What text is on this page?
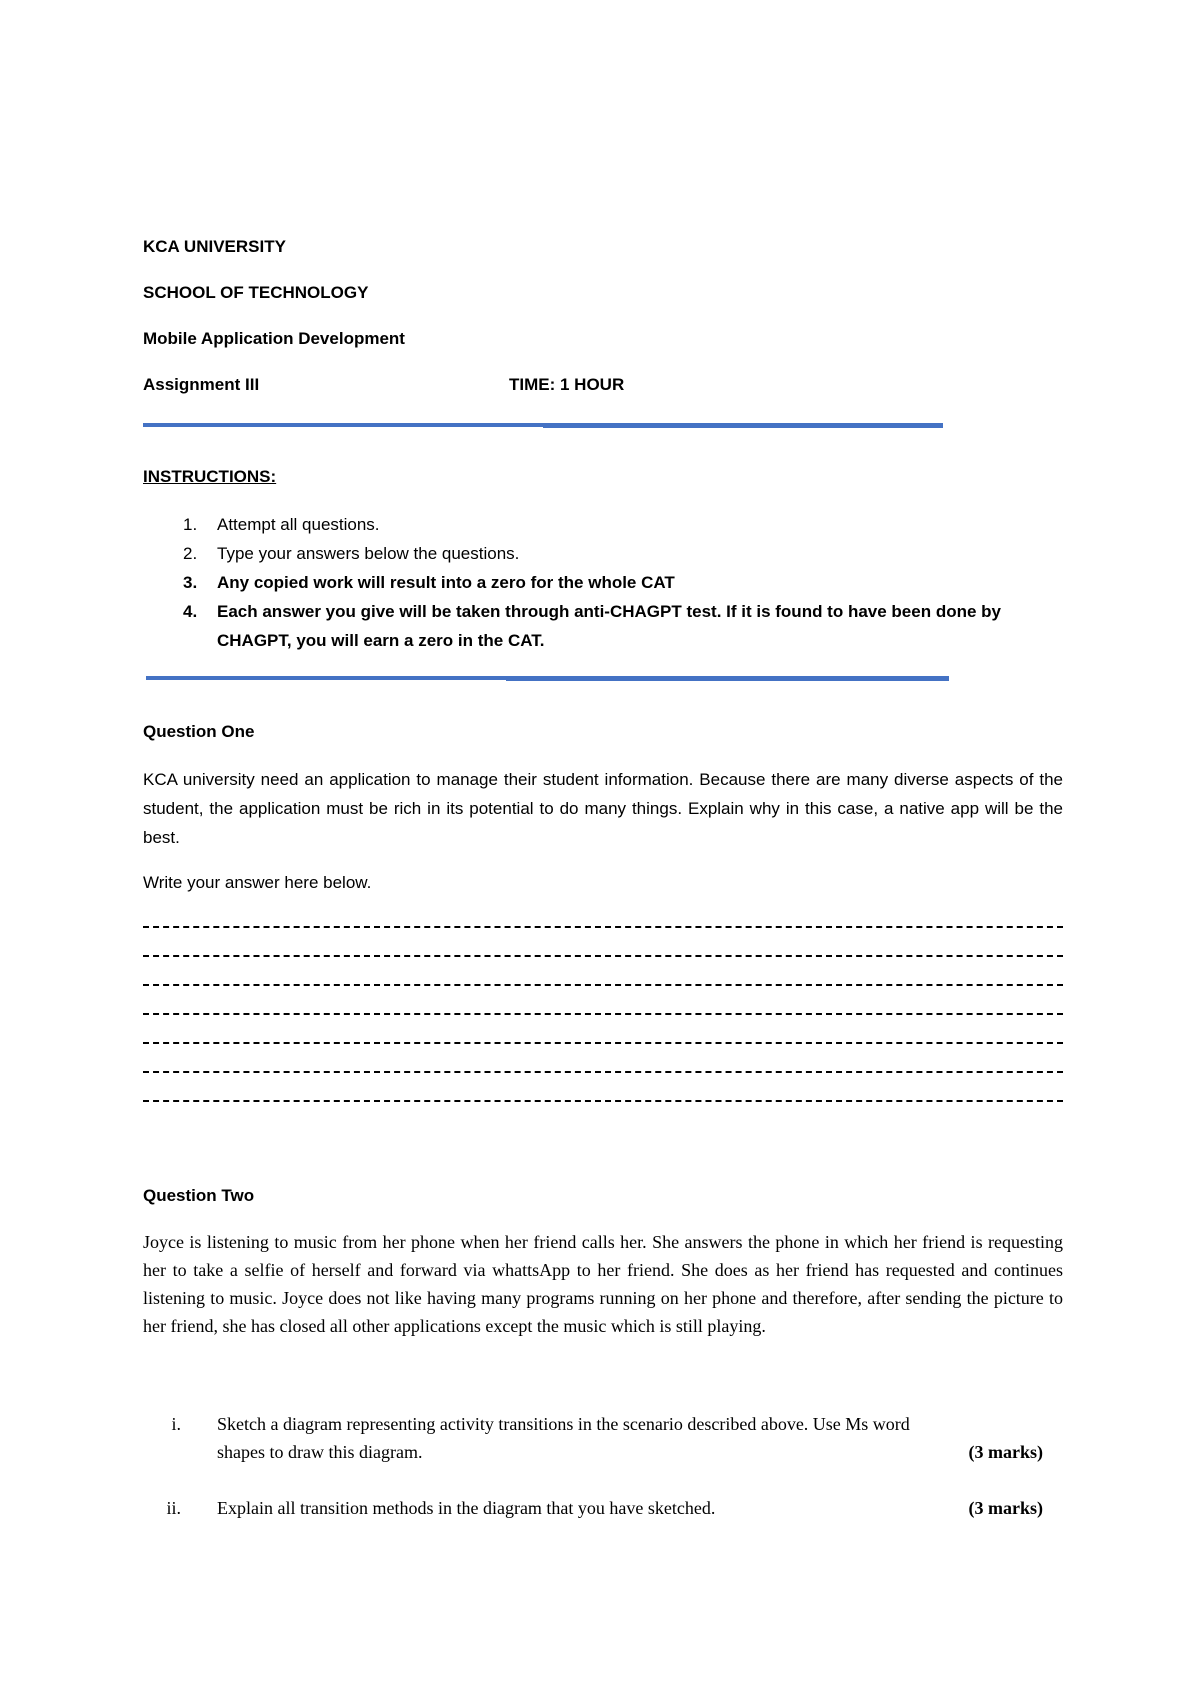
KCA UNIVERSITY
SCHOOL OF TECHNOLOGY
Mobile Application Development
Assignment III	TIME: 1 HOUR
INSTRUCTIONS:
1.	Attempt all questions.
2.	Type your answers below the questions.
3.	Any copied work will result into a zero for the whole CAT
4.	Each answer you give will be taken through anti-CHAGPT test. If it is found to have been done by CHAGPT, you will earn a zero in the CAT.
Question One
KCA university need an application to manage their student information. Because there are many diverse aspects of the student, the application must be rich in its potential to do many things. Explain why in this case, a native app will be the best.
Write your answer here below.
Question Two
Joyce is listening to music from her phone when her friend calls her. She answers the phone in which her friend is requesting her to take a selfie of herself and forward via whattsApp to her friend. She does as her friend has requested and continues listening to music. Joyce does not like having many programs running on her phone and therefore, after sending the picture to her friend, she has closed all other applications except the music which is still playing.
i. Sketch a diagram representing activity transitions in the scenario described above. Use Ms word shapes to draw this diagram.	(3 marks)
ii. Explain all transition methods in the diagram that you have sketched.	(3 marks)
